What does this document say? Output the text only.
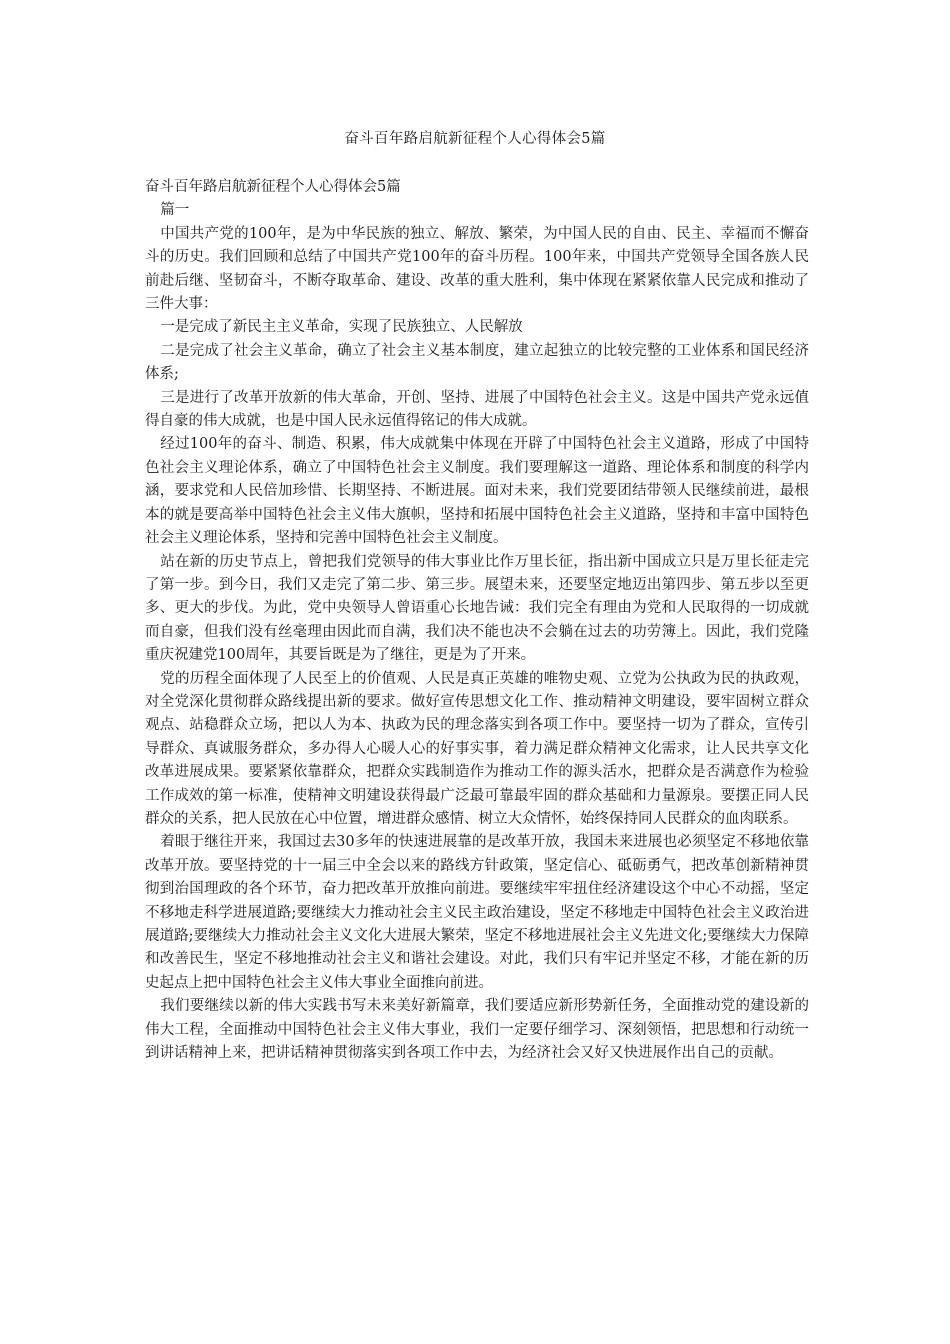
奋斗百年路启航新征程个人心得体会5篇

奋斗百年路启航新征程个人心得体会5篇

篇一

中国共产党的100年，是为中华民族的独立、解放、繁荣，为中国人民的自由、民主、幸福而不懈奋斗的历史。我们回顾和总结了中国共产党100年的奋斗历程。100年来，中国共产党领导全国各族人民前赴后继、坚韧奋斗，不断夺取革命、建设、改革的重大胜利，集中体现在紧紧依靠人民完成和推动了三件大事：

一是完成了新民主主义革命，实现了民族独立、人民解放

二是完成了社会主义革命，确立了社会主义基本制度，建立起独立的比较完整的工业体系和国民经济体系;

三是进行了改革开放新的伟大革命，开创、坚持、进展了中国特色社会主义。这是中国共产党永远值得自豪的伟大成就，也是中国人民永远值得铭记的伟大成就。

经过100年的奋斗、制造、积累，伟大成就集中体现在开辟了中国特色社会主义道路，形成了中国特色社会主义理论体系，确立了中国特色社会主义制度。我们要理解这一道路、理论体系和制度的科学内涵，要求党和人民倍加珍惜、长期坚持、不断进展。面对未来，我们党要团结带领人民继续前进，最根本的就是要高举中国特色社会主义伟大旗帜，坚持和拓展中国特色社会主义道路，坚持和丰富中国特色社会主义理论体系，坚持和完善中国特色社会主义制度。

站在新的历史节点上，曾把我们党领导的伟大事业比作万里长征，指出新中国成立只是万里长征走完了第一步。到今日，我们又走完了第二步、第三步。展望未来，还要坚定地迈出第四步、第五步以至更多、更大的步伐。为此，党中央领导人曾语重心长地告诫：我们完全有理由为党和人民取得的一切成就而自豪，但我们没有丝毫理由因此而自满，我们决不能也决不会躺在过去的功劳簿上。因此，我们党隆重庆祝建党100周年，其要旨既是为了继往，更是为了开来。

党的历程全面体现了人民至上的价值观、人民是真正英雄的唯物史观、立党为公执政为民的执政观，对全党深化贯彻群众路线提出新的要求。做好宣传思想文化工作、推动精神文明建设，要牢固树立群众观点、站稳群众立场，把以人为本、执政为民的理念落实到各项工作中。要坚持一切为了群众，宣传引导群众、真诚服务群众，多办得人心暖人心的好事实事，着力满足群众精神文化需求，让人民共享文化改革进展成果。要紧紧依靠群众，把群众实践制造作为推动工作的源头活水，把群众是否满意作为检验工作成效的第一标准，使精神文明建设获得最广泛最可靠最牢固的群众基础和力量源泉。要摆正同人民群众的关系，把人民放在心中位置，增进群众感情、树立大众情怀，始终保持同人民群众的血肉联系。

着眼于继往开来，我国过去30多年的快速进展靠的是改革开放，我国未来进展也必须坚定不移地依靠改革开放。要坚持党的十一届三中全会以来的路线方针政策，坚定信心、砥砺勇气，把改革创新精神贯彻到治国理政的各个环节，奋力把改革开放推向前进。要继续牢牢扭住经济建设这个中心不动摇，坚定不移地走科学进展道路;要继续大力推动社会主义民主政治建设，坚定不移地走中国特色社会主义政治进展道路;要继续大力推动社会主义文化大进展大繁荣，坚定不移地进展社会主义先进文化;要继续大力保障和改善民生，坚定不移地推动社会主义和谐社会建设。对此，我们只有牢记并坚定不移，才能在新的历史起点上把中国特色社会主义伟大事业全面推向前进。

我们要继续以新的伟大实践书写未来美好新篇章，我们要适应新形势新任务，全面推动党的建设新的伟大工程，全面推动中国特色社会主义伟大事业，我们一定要仔细学习、深刻领悟，把思想和行动统一到讲话精神上来，把讲话精神贯彻落实到各项工作中去，为经济社会又好又快进展作出自己的贡献。
